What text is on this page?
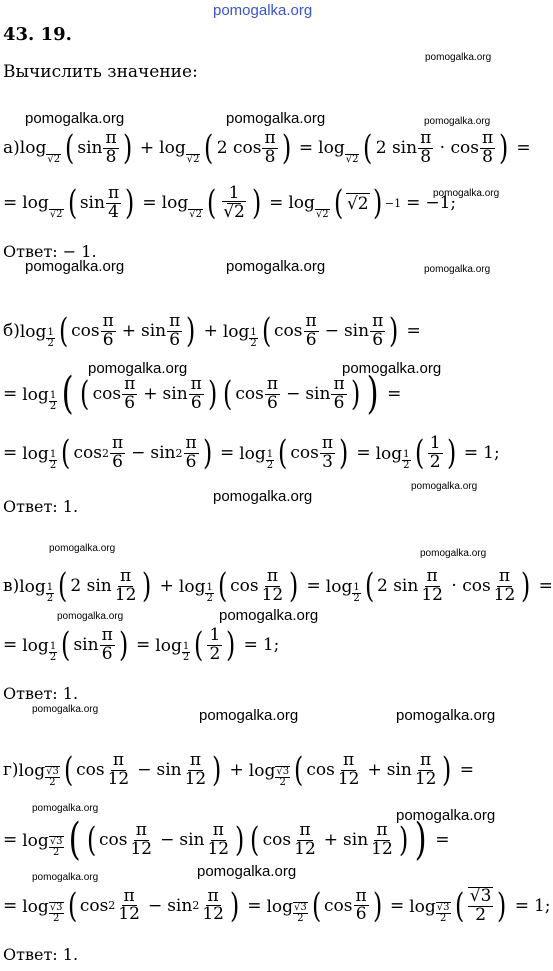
pomogalka.org
pomogalka.org
pomogalka.org	pomogalka.org	pomogalka.org
pomogalka.org
pomogalka.org	pomogalka.org	pomogalka.org
pomogalka.org	pomogalka.org
pomogalka.org
pomogalka.org
pomogalka.org	pomogalka.org
pomogalka.org	pomogalka.org
pomogalka.org	pomogalka.org	pomogalka.org
pomogalka.org	pomogalka.org
pomogalka.org	pomogalka.org
43. 19.
Вычислить значение:
а) log
√2 ( sin
π
8 ) + log
√2 ( 2 cos
π
8 ) = log
√2 ( 2 sin
π
8 · cos
π
8 ) =
= log
√2 ( sin
π
4 ) = log
√2 ( 1
√2 ) = log
√2 ( √2 ) −1 = −1;
Ответ: − 1.
б) log 1
2 ( cos
π
6 + sin
π
6 ) + log 1
2 ( cos
π
6 − sin
π
6 ) =
= log 1
2 ( ( cos
π
6 + sin
π
6 ) ( cos
π
6 − sin
π
6 ) ) =
= log 1
2 ( cos 2
π
6 − sin 2
π
6 ) = log 1
2 ( cos
π
3 ) = log 1
2 ( 1
2 ) = 1;
Ответ: 1.
в) log 1
2 ( 2 sin
π
12 ) + log 1
2 ( cos
π
12 ) = log 1
2 ( 2 sin
π
12 · cos
π
12 ) =
= log 1
2 ( sin
π
6 ) = log 1
2 ( 1
2 ) = 1;
Ответ: 1.
г) log √3
2 ( cos
π
12 − sin
π
12 ) + log √3
2 ( cos
π
12 + sin
π
12 ) =
= log √3
2 ( ( cos
π
12 − sin
π
12 ) ( cos
π
12 + sin
π
12 ) ) =
= log √3
2 ( cos 2
π
12 − sin 2
π
12 ) = log √3
2 ( cos
π
6 ) = log √3
2 ( √3
2 ) = 1;
Ответ: 1.
